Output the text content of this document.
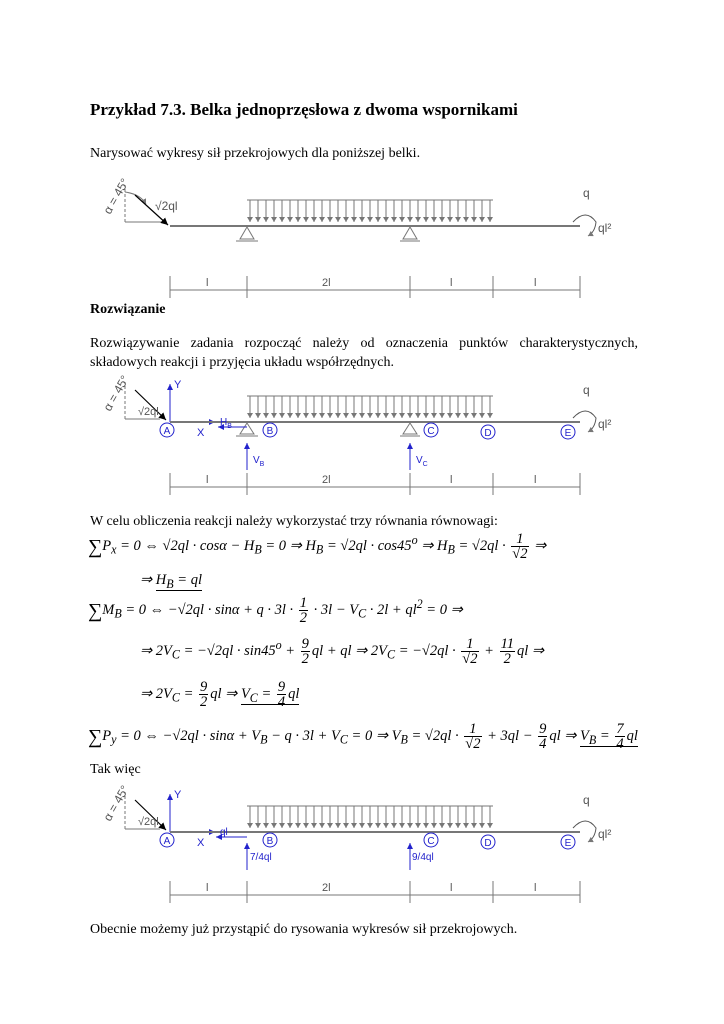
Przykład 7.3. Belka jednoprzęsłowa z dwoma wspornikami
Narysować wykresy sił przekrojowych dla poniższej belki.
α = 45° √2ql
q
ql²
l	2l	l	l
Rozwiązanie
Rozwiązywanie zadania rozpocząć należy od oznaczenia punktów charakterystycznych, składowych reakcji i przyjęcia układu współrzędnych.
α = 45° √2ql
Y
X
q
ql²
A	B	C	D	E
$H_B$
$V_B$	$V_C$
l	2l	l	l
W celu obliczenia reakcji należy wykorzystać trzy równania równowagi:
$\sum P_x = 0$ ⇔ $√2ql \cdot \cos\alpha - H_B = 0$ ⇒ $H_B = √2ql \cdot \cos 45^o$ ⇒ $H_B = √2ql \cdot \frac{1}{√2}$ ⇒
⇒ $H_B$ = ql
$\sum M_B = 0$ ⇔ $-√2ql \cdot \sin\alpha + q \cdot 3l \cdot \frac{1}{2} \cdot 3l - V_C \cdot 2l + ql^2 = 0$ ⇒
⇒ $2V_C = -√2ql \cdot \sin 45^o + \frac{9}{2}$ ql + ql ⇒ $2V_C = -√2ql \cdot \frac{1}{√2} + \frac{11}{2}$ ql ⇒
⇒ $2V_C = \frac{9}{2}$ ql ⇒ $V_C = \frac{9}{4}$ ql
$\sum P_y = 0$ ⇔ $-√2ql \cdot \sin\alpha + V_B - q \cdot 3l + V_C = 0$ ⇒ $V_B = √2ql \cdot \frac{1}{√2} + 3ql - \frac{9}{4}$ ql ⇒ $V_B = \frac{7}{4}$ ql
Tak więc
α = 45° √2ql
Y
X
q
ql²
A	B	C	D	E
ql
7/4ql	9/4ql
l	2l	l	l
Obecnie możemy już przystąpić do rysowania wykresów sił przekrojowych.
